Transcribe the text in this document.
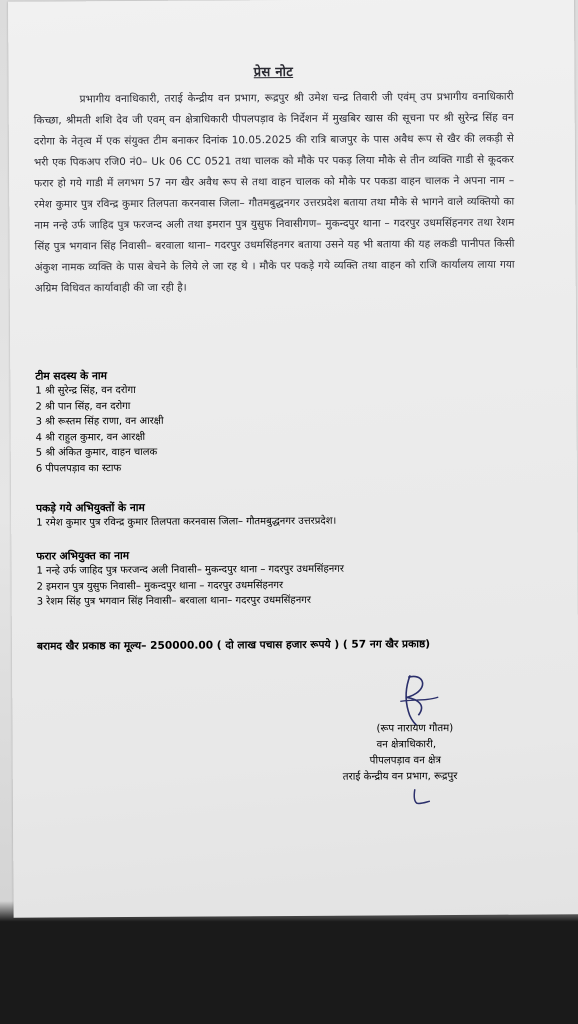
प्रेस नोट

प्रभागीय वनाधिकारी, तराई केन्द्रीय वन प्रभाग, रूद्रपुर श्री उमेश चन्द्र तिवारी जी एवंम् उप प्रभागीय वनाधिकारी किच्छा, श्रीमती शशि देव जी एवम् वन क्षेत्राधिकारी पीपलपड़ाव के निर्देशन में मुखबिर खास की सूचना पर श्री सुरेन्द्र सिंह वन दरोगा के नेतृत्व में एक संयुक्त टीम बनाकर दिनांक 10.05.2025 की रात्रि बाजपुर के पास अवैध रूप से खैर की लकड़ी से भरी एक पिकअप रजि0 नं0– Uk 06 CC 0521 तथा चालक को मौके पर पकड़ लिया मौके से तीन व्यक्ति गाडी से कूदकर फरार हो गये गाडी में लगभग 57 नग खैर अवैध रूप से तथा वाहन चालक को मौके पर पकडा वाहन चालक ने अपना नाम – रमेश कुमार पुत्र रविन्द्र कुमार तिलपता करनवास जिला– गौतमबुद्धनगर उत्तरप्रदेश बताया तथा मौके से भागने वाले व्यक्तियो का नाम नन्हे उर्फ जाहिद पुत्र फरजन्द अली तथा इमरान पुत्र युसुफ निवासीगण– मुकन्दपुर थाना – गदरपुर उधमसिंहनगर तथा रेशम सिंह पुत्र भगवान सिंह निवासी– बरवाला थाना– गदरपुर उधमसिंहनगर बताया उसने यह भी बताया की यह लकडी पानीपत किसी अंकुश नामक व्यक्ति के पास बेचने के लिये ले जा रह थे । मौके पर पकड़े गये व्यक्ति तथा वाहन को राजि कार्यालय लाया गया अग्रिम विधिवत कार्यावाही की जा रही है।

टीम सदस्य के नाम
1 श्री सुरेन्द्र सिंह, वन दरोगा
2 श्री पान सिंह, वन दरोगा
3 श्री रूस्तम सिंह राणा, वन आरक्षी
4 श्री राहुल कुमार, वन आरक्षी
5 श्री अंकित कुमार, वाहन चालक
6 पीपलपड़ाव का स्टाफ
पकड़े गये अभियुक्तों के नाम
1 रमेश कुमार पुत्र रविन्द्र कुमार तिलपता करनवास जिला– गौतमबुद्धनगर उत्तरप्रदेश।
फरार अभियुक्त का नाम
1 नन्हे उर्फ जाहिद पुत्र फरजन्द अली निवासी– मुकन्दपुर थाना – गदरपुर उधमसिंहनगर
2 इमरान पुत्र युसुफ निवासी– मुकन्दपुर थाना – गदरपुर उधमसिंहनगर
3 रेशम सिंह पुत्र भगवान सिंह निवासी– बरवाला थाना– गदरपुर उधमसिंहनगर
बरामद खैर प्रकाष्ठ का मूल्य– 250000.00 ( दो लाख पचास हजार रूपये ) ( 57 नग खैर प्रकाष्ठ)
(रूप नारायण गौतम)
वन क्षेत्राधिकारी,
पीपलपड़ाव वन क्षेत्र
तराई केन्द्रीय वन प्रभाग, रूद्रपुर
